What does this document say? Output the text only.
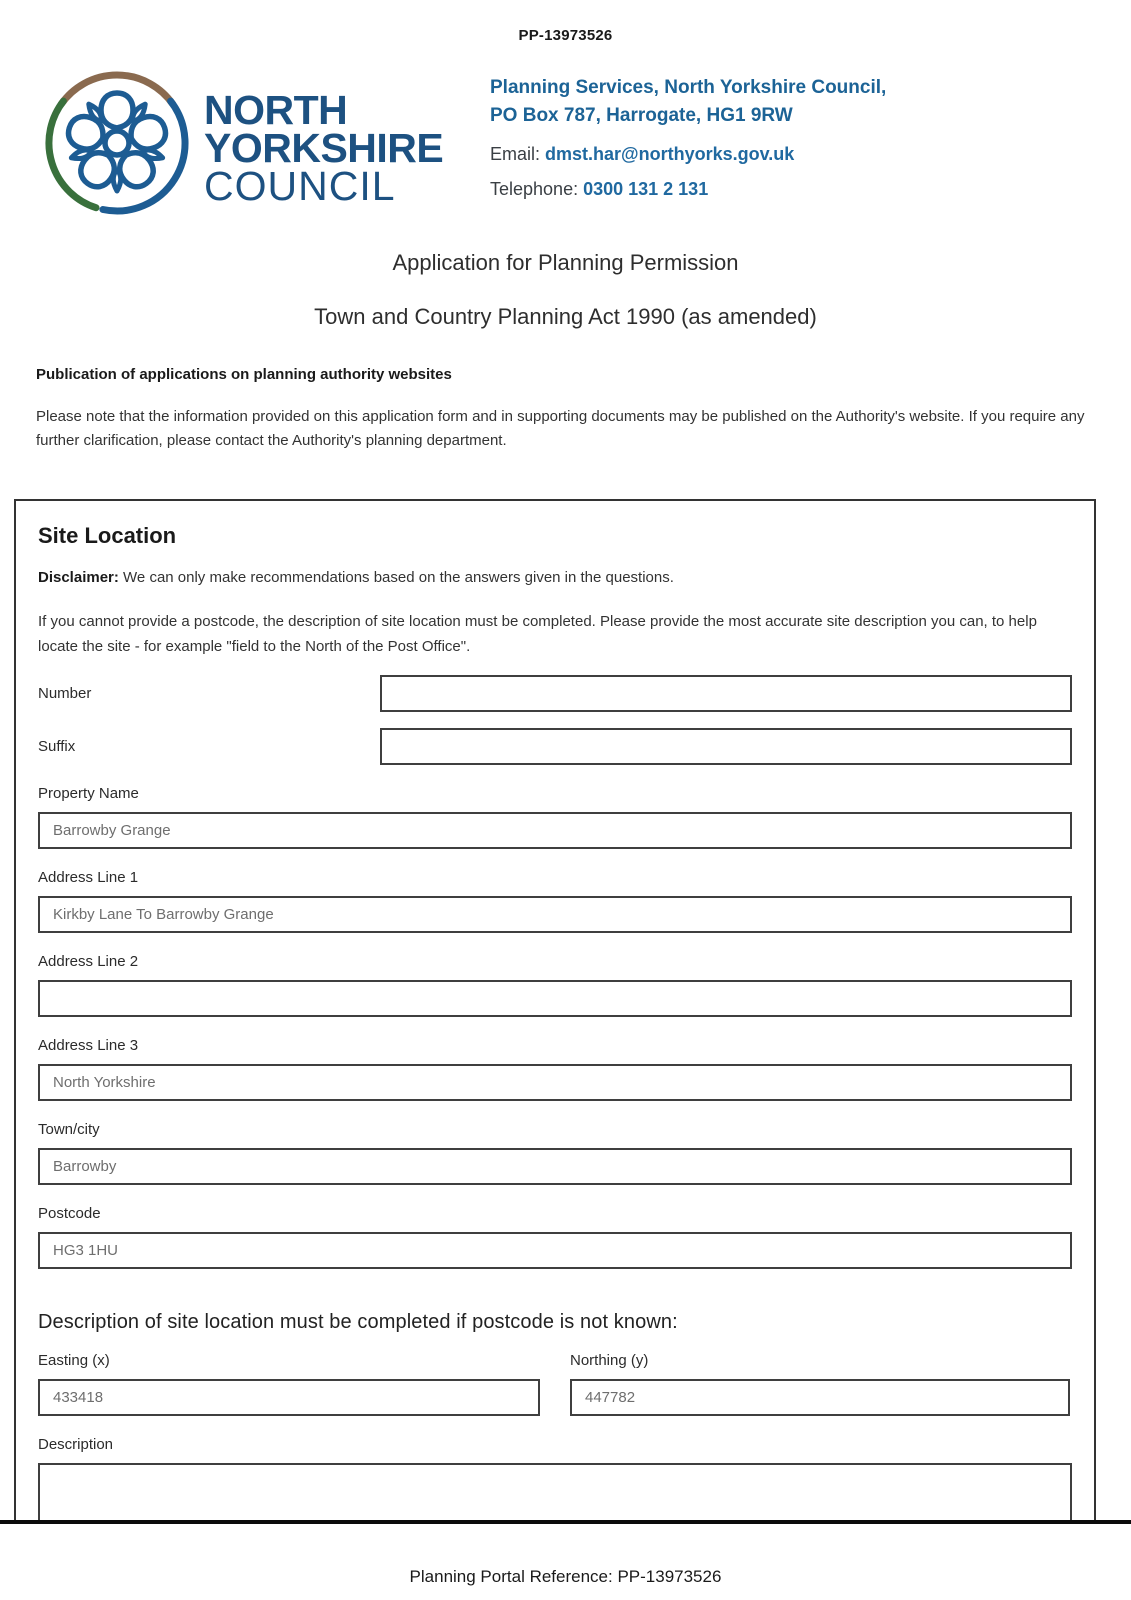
PP-13973526
NORTH
YORKSHIRE
COUNCIL
Planning Services, North Yorkshire Council,
PO Box 787, Harrogate, HG1 9RW
Email: dmst.har@northyorks.gov.uk
Telephone: 0300 131 2 131
Application for Planning Permission
Town and Country Planning Act 1990 (as amended)
Publication of applications on planning authority websites
Please note that the information provided on this application form and in supporting documents may be published on the Authority's website. If you require any further clarification, please contact the Authority's planning department.
Site Location
Disclaimer: We can only make recommendations based on the answers given in the questions.
If you cannot provide a postcode, the description of site location must be completed. Please provide the most accurate site description you can, to help locate the site - for example "field to the North of the Post Office".
Number
Suffix
Property Name
Barrowby Grange
Address Line 1
Kirkby Lane To Barrowby Grange
Address Line 2
Address Line 3
North Yorkshire
Town/city
Barrowby
Postcode
HG3 1HU
Description of site location must be completed if postcode is not known:
Easting (x)
433418	Northing (y)
447782
Description
Planning Portal Reference: PP-13973526
